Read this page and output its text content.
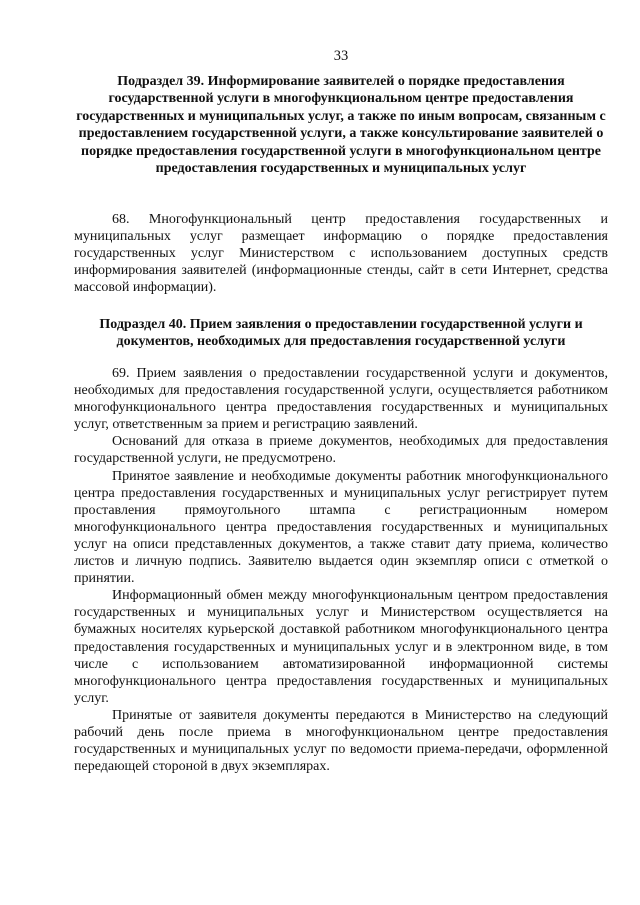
33
Подраздел 39. Информирование заявителей о порядке предоставления государственной услуги в многофункциональном центре предоставления государственных и муниципальных услуг, а также по иным вопросам, связанным с предоставлением государственной услуги, а также консультирование заявителей о порядке предоставления государственной услуги в многофункциональном центре предоставления государственных и муниципальных услуг

68. Многофункциональный центр предоставления государственных и муниципальных услуг размещает информацию о порядке предоставления государственных услуг Министерством с использованием доступных средств информирования заявителей (информационные стенды, сайт в сети Интернет, средства массовой информации).

Подраздел 40. Прием заявления о предоставлении государственной услуги и документов, необходимых для предоставления государственной услуги

69. Прием заявления о предоставлении государственной услуги и документов, необходимых для предоставления государственной услуги, осуществляется работником многофункционального центра предоставления государственных и муниципальных услуг, ответственным за прием и регистрацию заявлений.

Оснований для отказа в приеме документов, необходимых для предоставления государственной услуги, не предусмотрено.

Принятое заявление и необходимые документы работник многофункционального центра предоставления государственных и муниципальных услуг регистрирует путем проставления прямоугольного штампа с регистрационным номером многофункционального центра предоставления государственных и муниципальных услуг на описи представленных документов, а также ставит дату приема, количество листов и личную подпись. Заявителю выдается один экземпляр описи с отметкой о принятии.

Информационный обмен между многофункциональным центром предоставления государственных и муниципальных услуг и Министерством осуществляется на бумажных носителях курьерской доставкой работником многофункционального центра предоставления государственных и муниципальных услуг и в электронном виде, в том числе с использованием автоматизированной информационной системы многофункционального центра предоставления государственных и муниципальных услуг.

Принятые от заявителя документы передаются в Министерство на следующий рабочий день после приема в многофункциональном центре предоставления государственных и муниципальных услуг по ведомости приема-передачи, оформленной передающей стороной в двух экземплярах.
